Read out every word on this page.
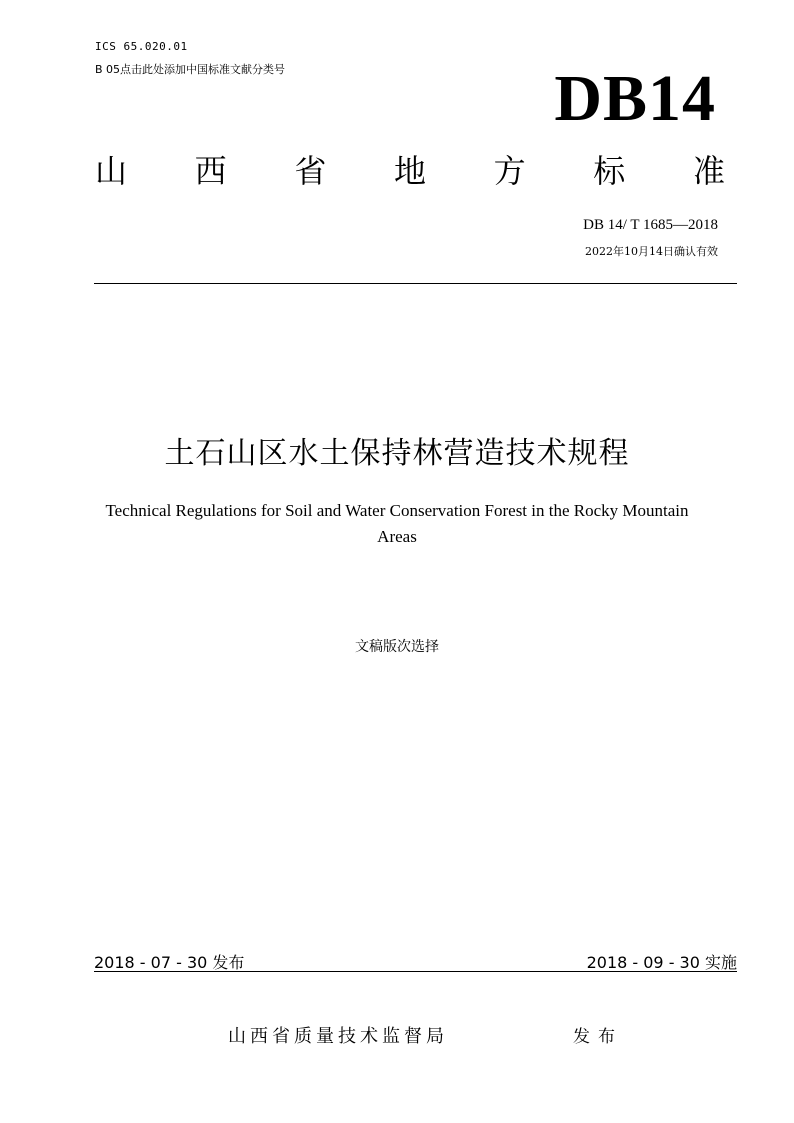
ICS 65.020.01
B 05点击此处添加中国标准文献分类号	DB14
山 西 省 地 方 标 准
DB 14/ T 1685—2018
2022年10月14日确认有效
土石山区水土保持林营造技术规程
Technical Regulations for Soil and Water Conservation Forest in the Rocky Mountain Areas
文稿版次选择
2018 - 07 - 30 发布	2018 - 09 - 30 实施
山西省质量技术监督局	发布
